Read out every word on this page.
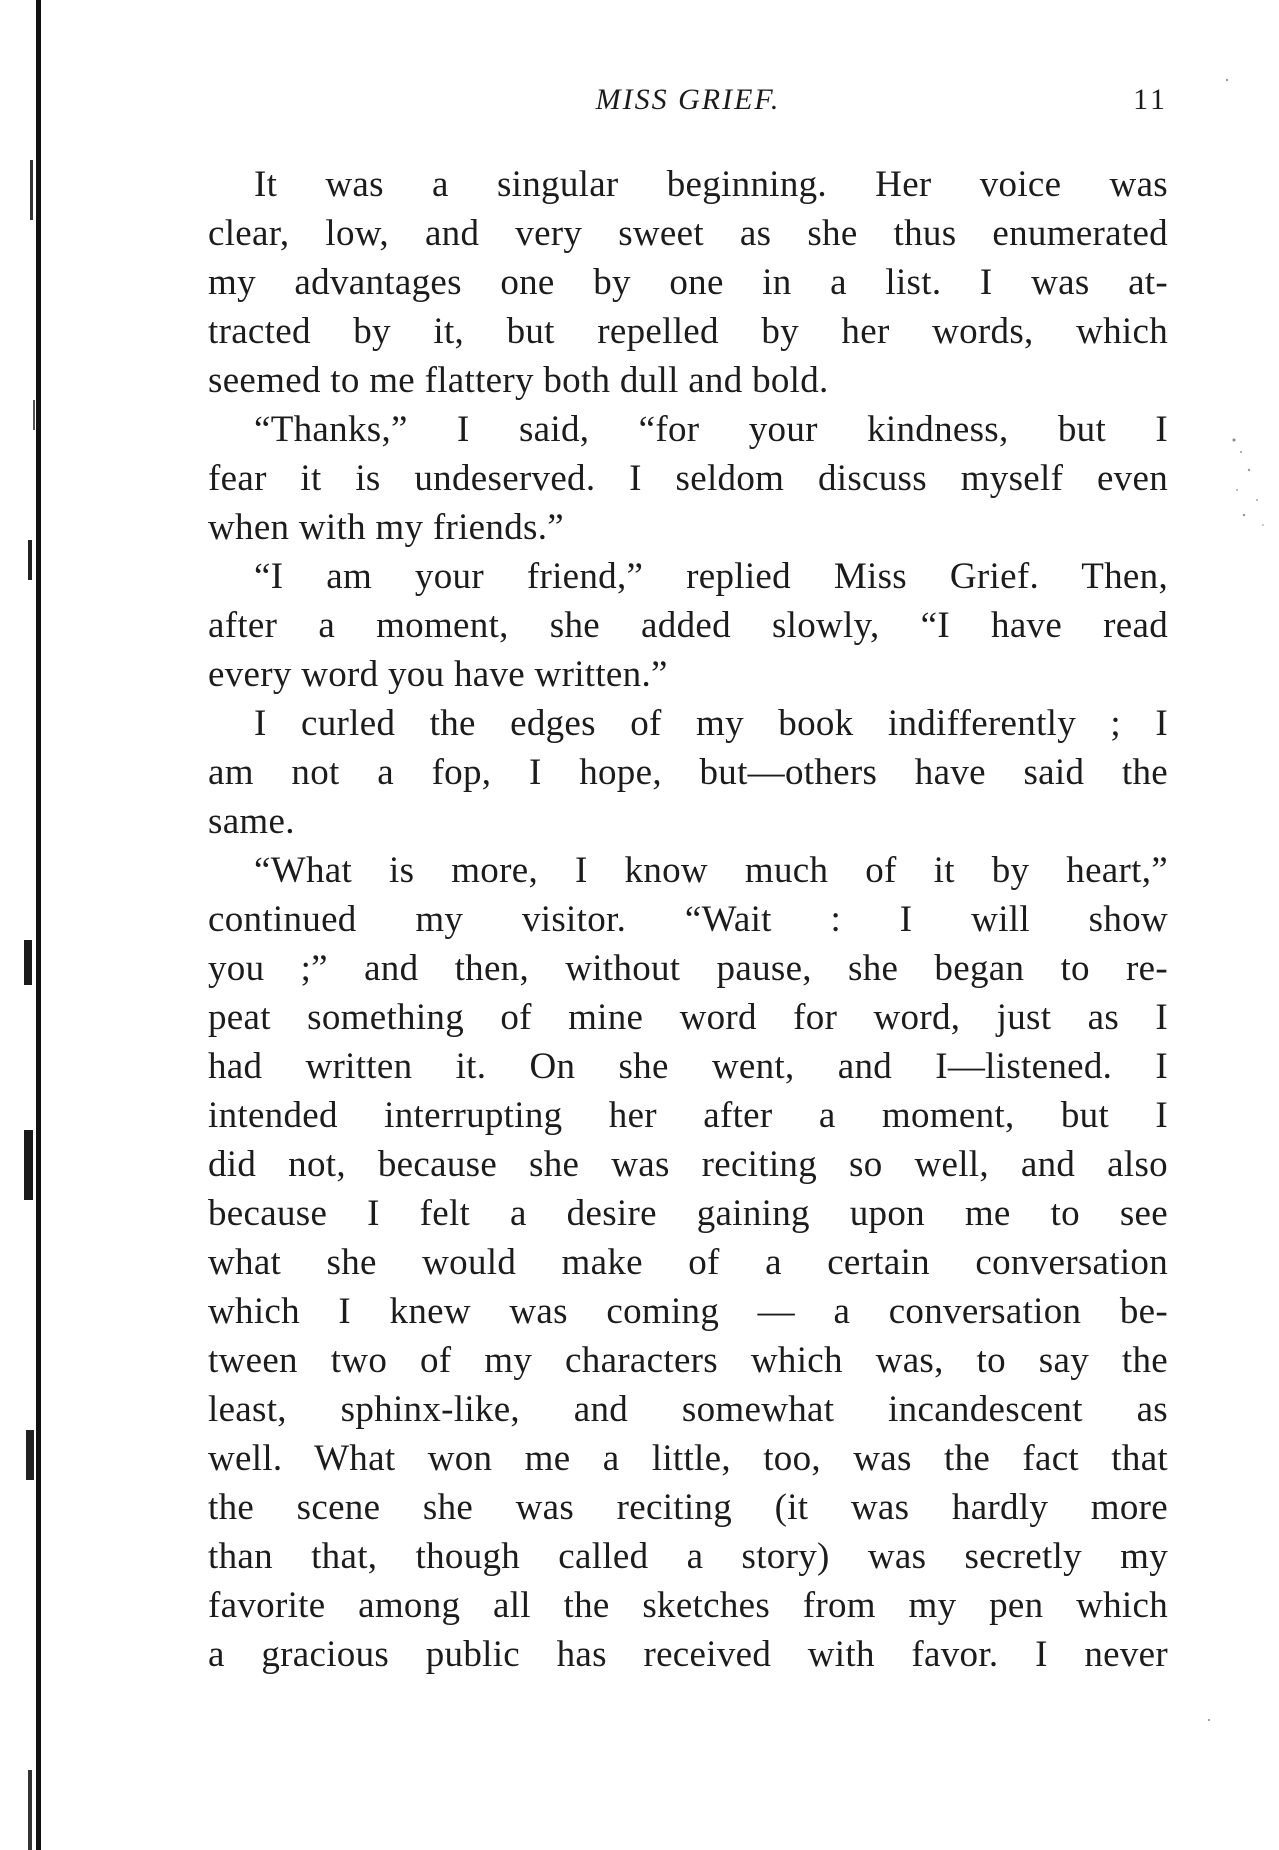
MISS GRIEF.	11
It was a singular beginning. Her voice was
clear, low, and very sweet as she thus enumerated
my advantages one by one in a list. I was at-
tracted by it, but repelled by her words, which
seemed to me flattery both dull and bold.
“Thanks,” I said, “for your kindness, but I
fear it is undeserved. I seldom discuss myself even
when with my friends.”
“I am your friend,” replied Miss Grief. Then,
after a moment, she added slowly, “I have read
every word you have written.”
I curled the edges of my book indifferently ; I
am not a fop, I hope, but—others have said the
same.
“What is more, I know much of it by heart,”
continued my visitor. “Wait : I will show
you ;” and then, without pause, she began to re-
peat something of mine word for word, just as I
had written it. On she went, and I—listened. I
intended interrupting her after a moment, but I
did not, because she was reciting so well, and also
because I felt a desire gaining upon me to see
what she would make of a certain conversation
which I knew was coming — a conversation be-
tween two of my characters which was, to say the
least, sphinx-like, and somewhat incandescent as
well. What won me a little, too, was the fact that
the scene she was reciting (it was hardly more
than that, though called a story) was secretly my
favorite among all the sketches from my pen which
a gracious public has received with favor. I never
